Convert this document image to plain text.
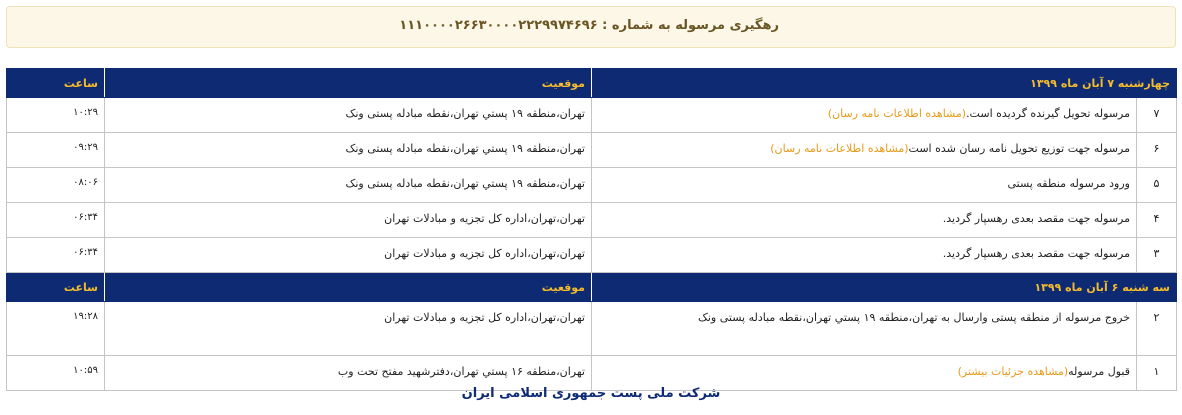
رهگیری مرسوله به شماره : ۱۱۱۰۰۰۰۲۶۶۳۰۰۰۰۲۲۲۹۹۷۴۶۹۶
چهارشنبه ۷ آبان ماه ۱۳۹۹		موقعیت	ساعت
۷	مرسوله تحویل گیرنده گردیده است.(مشاهده اطلاعات نامه رسان)	تهران،منطقه ۱۹ پستي تهران،نقطه مبادله پستی ونک	۱۰:۲۹
۶	مرسوله جهت توزیع تحویل نامه رسان شده است(مشاهده اطلاعات نامه رسان)	تهران،منطقه ۱۹ پستي تهران،نقطه مبادله پستی ونک	۰۹:۲۹
۵	ورود مرسوله منطقه پستی	تهران،منطقه ۱۹ پستي تهران،نقطه مبادله پستی ونک	۰۸:۰۶
۴	مرسوله جهت مقصد بعدی رهسپار گردید.	تهران،تهران،اداره کل تجزیه و مبادلات تهران	۰۶:۳۴
۳	مرسوله جهت مقصد بعدی رهسپار گردید.	تهران،تهران،اداره کل تجزیه و مبادلات تهران	۰۶:۳۴
سه شنبه ۶ آبان ماه ۱۳۹۹		موقعیت	ساعت
۲	خروج مرسوله از منطقه پستی وارسال به تهران،منطقه ۱۹ پستي تهران،نقطه مبادله پستی ونک	تهران،تهران،اداره کل تجزیه و مبادلات تهران	۱۹:۲۸
۱	قبول مرسوله(مشاهده جزئیات بیشتر)	تهران،منطقه ۱۶ پستي تهران،دفترشهید مفتح تحت وب	۱۰:۵۹
شرکت ملی پست جمهوری اسلامی ایران
